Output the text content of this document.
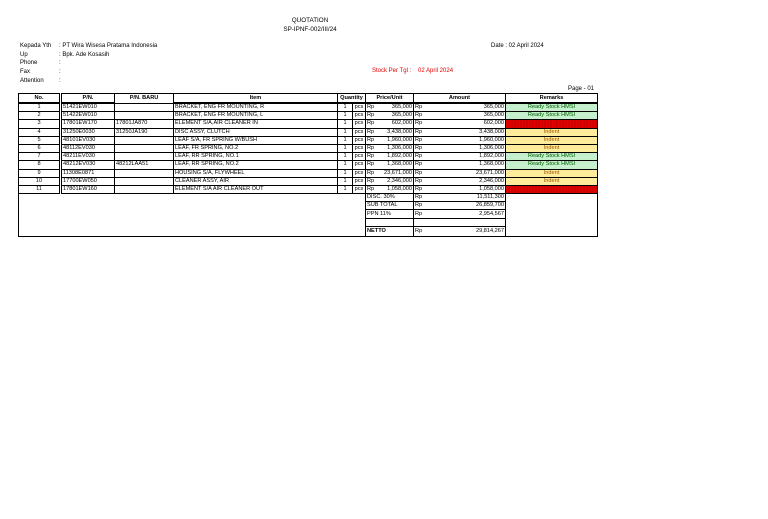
QUOTATION
SP-IPNF-002/III/24
Kepada Yth : PT Wira Wisesa Pratama Indonesia
Up	: Bpk. Ade Kosasih
Phone	:
Fax	:
Attention	:
Date : 02 April 2024
Stock Per Tgl : 02 April 2024
Page - 01
No.	P/N.	P/N. BARU	Item	Quantity		Price/Unit	Amount	Remarks
1	51421EW010		BRACKET, ENG FR MOUNTING, R	1	pcs	Rp 365,000	Rp 365,000	Ready Stock HMSI
2	51422EW010		BRACKET, ENG FR MOUNTING, L	1	pcs	Rp 365,000	Rp 365,000	Ready Stock HMSI
3	17801EW170	17801JA870	ELEMENT S/A,AIR CLEANER IN	1	pcs	Rp 602,000	Rp 602,000	

4	31250E0030	31250JA190	DISC ASSY, CLUTCH	1	pcs	Rp 3,438,000	Rp 3,438,000	Indent
5	48101EV030		LEAF S/A, FR SPRING W/BUSH	1	pcs	Rp 1,960,000	Rp 1,960,000	Indent
6	48112EV030		LEAF, FR SPRING, NO.2	1	pcs	Rp 1,306,000	Rp 1,306,000	Indent
7	48211EV030		LEAF, RR SPRING, NO.1	1	pcs	Rp 1,892,000	Rp 1,892,000	Ready Stock HMSI
8	48212EV030	48212LAA51	LEAF, RR SPRING, NO.2	1	pcs	Rp 1,368,000	Rp 1,368,000	Ready Stock HMSI
9	11308E0871		HOUSING S/A, FLYWHEEL	1	pcs	Rp 23,671,000	Rp 23,671,000	Indent
10	17700EW050		CLEANER ASSY, AIR	1	pcs	Rp 2,346,000	Rp 2,346,000	Indent
11	17801EW160		ELEMENT S/A AIR CLEANER OUT	1	pcs	Rp 1,058,000	Rp 1,058,000	

						DISC. 30%	Rp 11,511,300	

						SUB TOTAL	Rp 26,859,700	

						PPN 11%	Rp 2,954,567	

						NETTO	Rp 29,814,267	
